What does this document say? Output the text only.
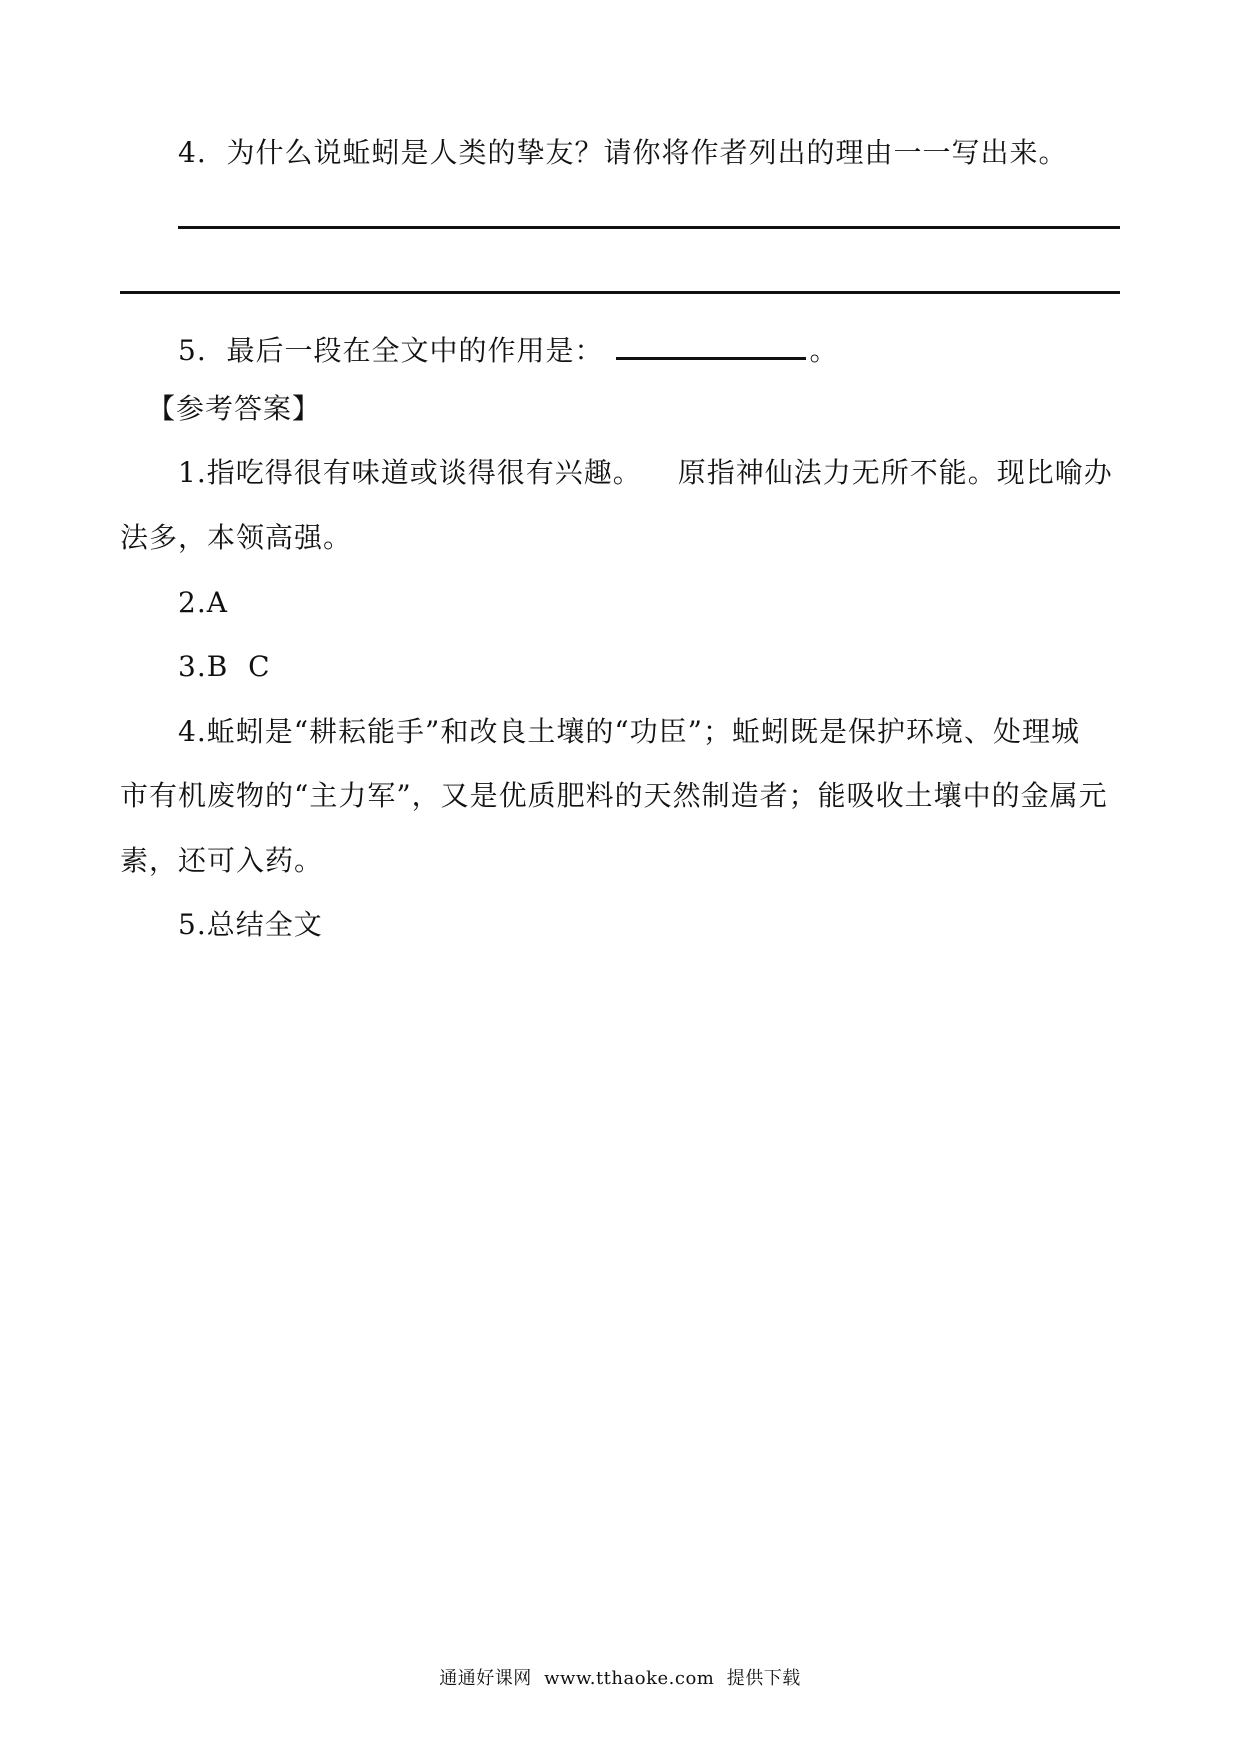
4.  为什么说蚯蚓是人类的挚友？请你将作者列出的理由一一写出来。
5.  最后一段在全文中的作用是：	。
【参考答案】
1.指吃得很有味道或谈得很有兴趣。 原指神仙法力无所不能。现比喻办
法多，本领高强。
2.A
3.B  C
4.蚯蚓是“耕耘能手”和改良土壤的“功臣”；蚯蚓既是保护环境、处理城
市有机废物的“主力军”，又是优质肥料的天然制造者；能吸收土壤中的金属元
素，还可入药。
5.总结全文
通通好课网  www.tthaoke.com  提供下载
